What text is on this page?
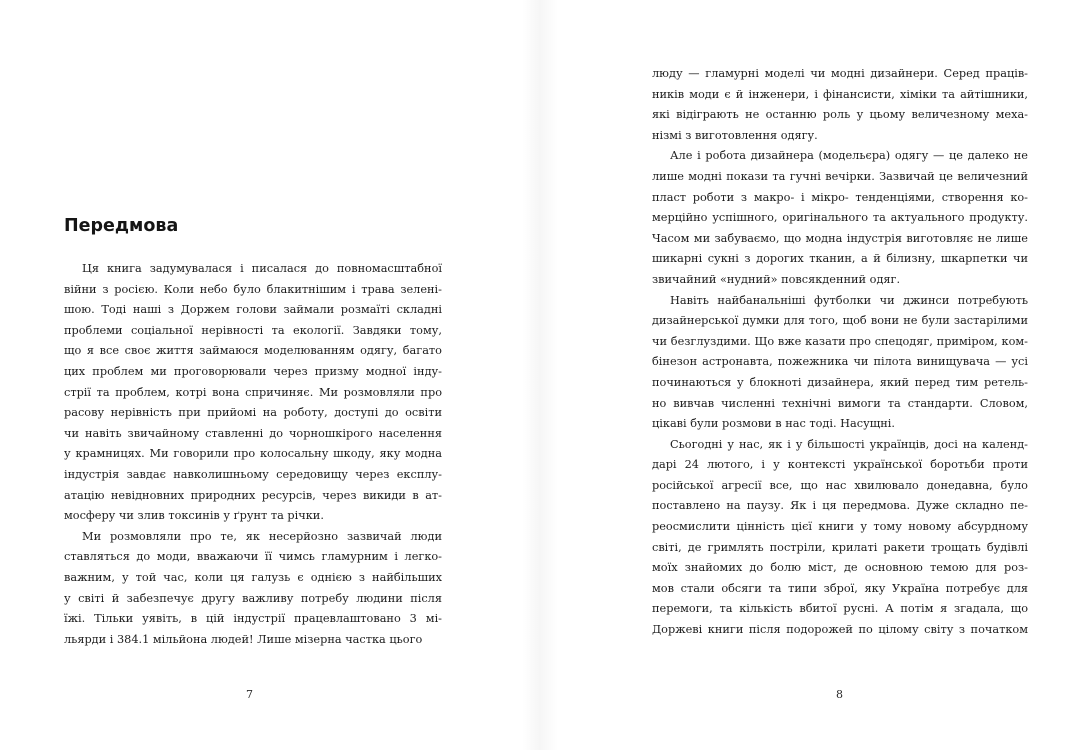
Передмова
Ця книга задумувалася і писалася до повномасштабної
війни з росією. Коли небо було блакитнішим і трава зеленi-
шою. Тоді наші з Доржем голови займали розмаїті складні
проблеми соціальної нерівності та екології. Завдяки тому,
що я все своє життя займаюся моделюванням одягу, багато
цих проблем ми проговорювали через призму модної інду-
стрії та проблем, котрі вона спричиняє. Ми розмовляли про
расову нерівність при прийомі на роботу, доступі до освіти
чи навіть звичайному ставленні до чорношкірого населення
у крамницях. Ми говорили про колосальну шкоду, яку модна
індустрія завдає навколишньому середовищу через експлу-
атацію невідновних природних ресурсів, через викиди в ат-
мосферу чи злив токсинів у ґрунт та річки.
Ми розмовляли про те, як несерйозно зазвичай люди
ставляться до моди, вважаючи її чимсь гламурним і легко-
важним, у той час, коли ця галузь є однією з найбільших
у світі й забезпечує другу важливу потребу людини після
їжі. Тільки уявіть, в цій індустрії працевлаштовано 3 мі-
льярди і 384.1 мільйона людей! Лише мізерна частка цього
7
люду — гламурні моделі чи модні дизайнери. Серед праців-
ників моди є й інженери, і фінансисти, хіміки та айтішники,
які відіграють не останню роль у цьому величезному меха-
нізмі з виготовлення одягу.
Але і робота дизайнера (модельєра) одягу — це далеко не
лише модні покази та гучні вечірки. Зазвичай це величезний
пласт роботи з макро- і мікро- тенденціями, створення ко-
мерційно успішного, оригінального та актуального продукту.
Часом ми забуваємо, що модна індустрія виготовляє не лише
шикарні сукні з дорогих тканин, а й білизну, шкарпетки чи
звичайний «нудний» повсякденний одяг.
Навіть найбанальніші футболки чи джинси потребують
дизайнерської думки для того, щоб вони не були застарілими
чи безглуздими. Що вже казати про спецодяг, приміром, ком-
бінезон астронавта, пожежника чи пілота винищувача — усі
починаються у блокноті дизайнера, який перед тим ретель-
но вивчав численні технічні вимоги та стандарти. Словом,
цікаві були розмови в нас тоді. Насущні.
Сьогодні у нас, як і у більшості українців, досі на календ-
дарі 24 лютого, і у контексті української боротьби проти
російської агресії все, що нас хвилювало донедавна, було
поставлено на паузу. Як і ця передмова. Дуже складно пе-
реосмислити цінність цієї книги у тому новому абсурдному
світі, де гримлять постріли, крилаті ракети трощать будівлі
моїх знайомих до болю міст, де основною темою для роз-
мов стали обсяги та типи зброї, яку Україна потребує для
перемоги, та кількість вбитої русні. А потім я згадала, що
Доржеві книги після подорожей по цілому світу з початком
8
